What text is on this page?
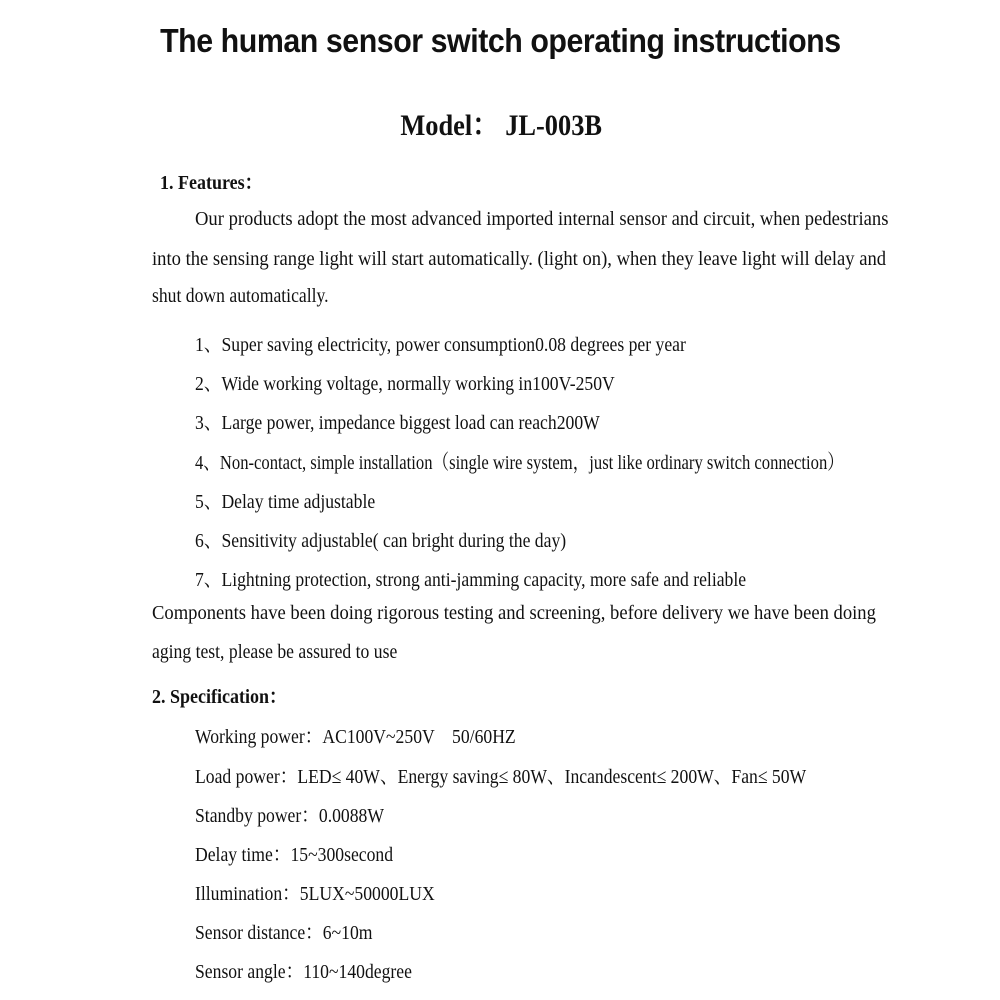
The human sensor switch operating instructions
Model： JL-003B
1. Features：
Our products adopt the most advanced imported internal sensor and circuit, when pedestrians
into the sensing range light will start automatically. (light on), when they leave light will delay and
shut down automatically.
1、Super saving electricity, power consumption0.08 degrees per year
2、Wide working voltage, normally working in100V-250V
3、Large power, impedance biggest load can reach200W
4、Non-contact, simple installation（single wire system，just like ordinary switch connection）
5、Delay time adjustable
6、Sensitivity adjustable( can bright during the day)
7、Lightning protection, strong anti-jamming capacity, more safe and reliable
Components have been doing rigorous testing and screening, before delivery we have been doing
aging test, please be assured to use
2. Specification：
Working power：AC100V~250V    50/60HZ
Load power：LED≤ 40W、Energy saving≤ 80W、Incandescent≤ 200W、Fan≤ 50W
Standby power：0.0088W
Delay time：15~300second
Illumination：5LUX~50000LUX
Sensor distance：6~10m
Sensor angle：110~140degree
